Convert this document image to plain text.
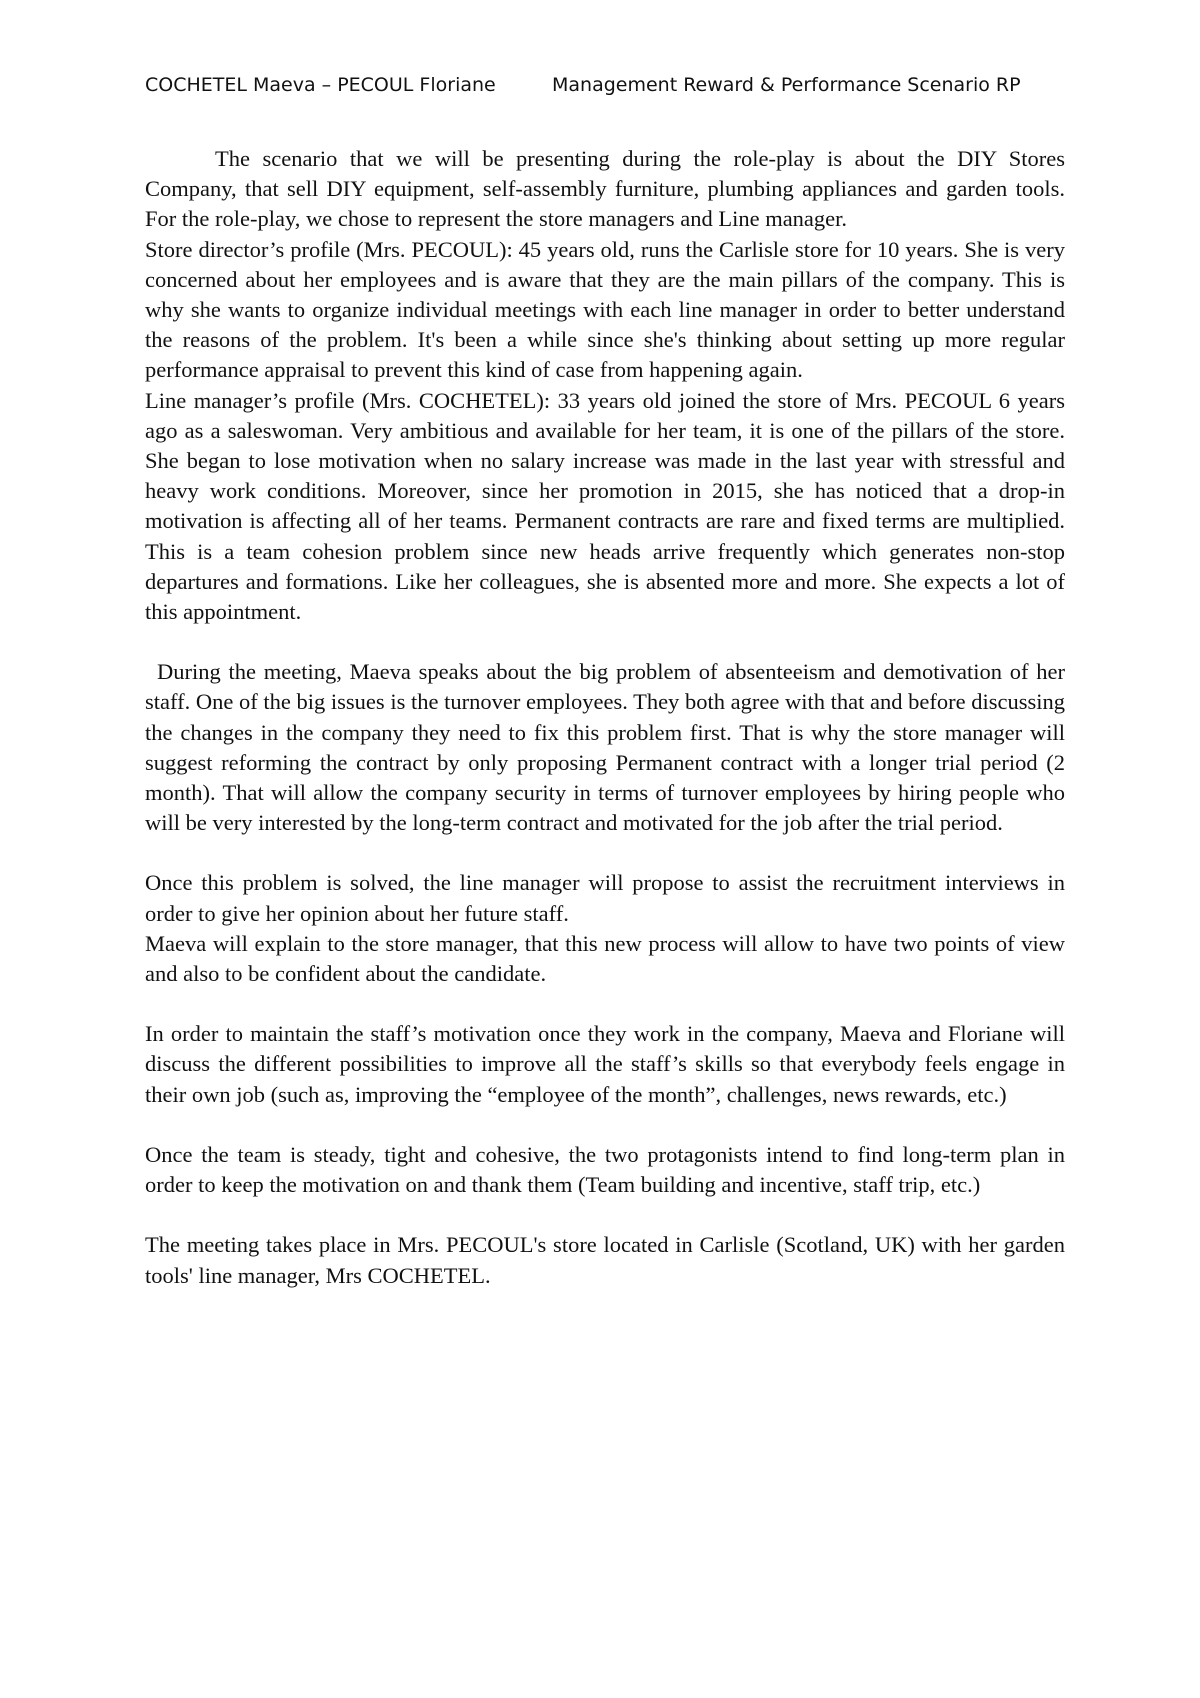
COCHETEL Maeva – PECOUL Floriane	Management Reward & Performance Scenario RP

The scenario that we will be presenting during the role-play is about the DIY Stores Company, that sell DIY equipment, self-assembly furniture, plumbing appliances and garden tools. For the role-play, we chose to represent the store managers and Line manager.

Store director’s profile (Mrs. PECOUL): 45 years old, runs the Carlisle store for 10 years. She is very concerned about her employees and is aware that they are the main pillars of the company. This is why she wants to organize individual meetings with each line manager in order to better understand the reasons of the problem. It's been a while since she's thinking about setting up more regular performance appraisal to prevent this kind of case from happening again.

Line manager’s profile (Mrs. COCHETEL): 33 years old joined the store of Mrs. PECOUL 6 years ago as a saleswoman. Very ambitious and available for her team, it is one of the pillars of the store. She began to lose motivation when no salary increase was made in the last year with stressful and heavy work conditions. Moreover, since her promotion in 2015, she has noticed that a drop-in motivation is affecting all of her teams. Permanent contracts are rare and fixed terms are multiplied. This is a team cohesion problem since new heads arrive frequently which generates non-stop departures and formations. Like her colleagues, she is absented more and more. She expects a lot of this appointment.

During the meeting, Maeva speaks about the big problem of absenteeism and demotivation of her staff. One of the big issues is the turnover employees. They both agree with that and before discussing the changes in the company they need to fix this problem first. That is why the store manager will suggest reforming the contract by only proposing Permanent contract with a longer trial period (2 month). That will allow the company security in terms of turnover employees by hiring people who will be very interested by the long-term contract and motivated for the job after the trial period.

Once this problem is solved, the line manager will propose to assist the recruitment interviews in order to give her opinion about her future staff.

Maeva will explain to the store manager, that this new process will allow to have two points of view and also to be confident about the candidate.

In order to maintain the staff’s motivation once they work in the company, Maeva and Floriane will discuss the different possibilities to improve all the staff’s skills so that everybody feels engage in their own job (such as, improving the “employee of the month”, challenges, news rewards, etc.)

Once the team is steady, tight and cohesive, the two protagonists intend to find long-term plan in order to keep the motivation on and thank them (Team building and incentive, staff trip, etc.)

The meeting takes place in Mrs. PECOUL's store located in Carlisle (Scotland, UK) with her garden tools' line manager, Mrs COCHETEL.
